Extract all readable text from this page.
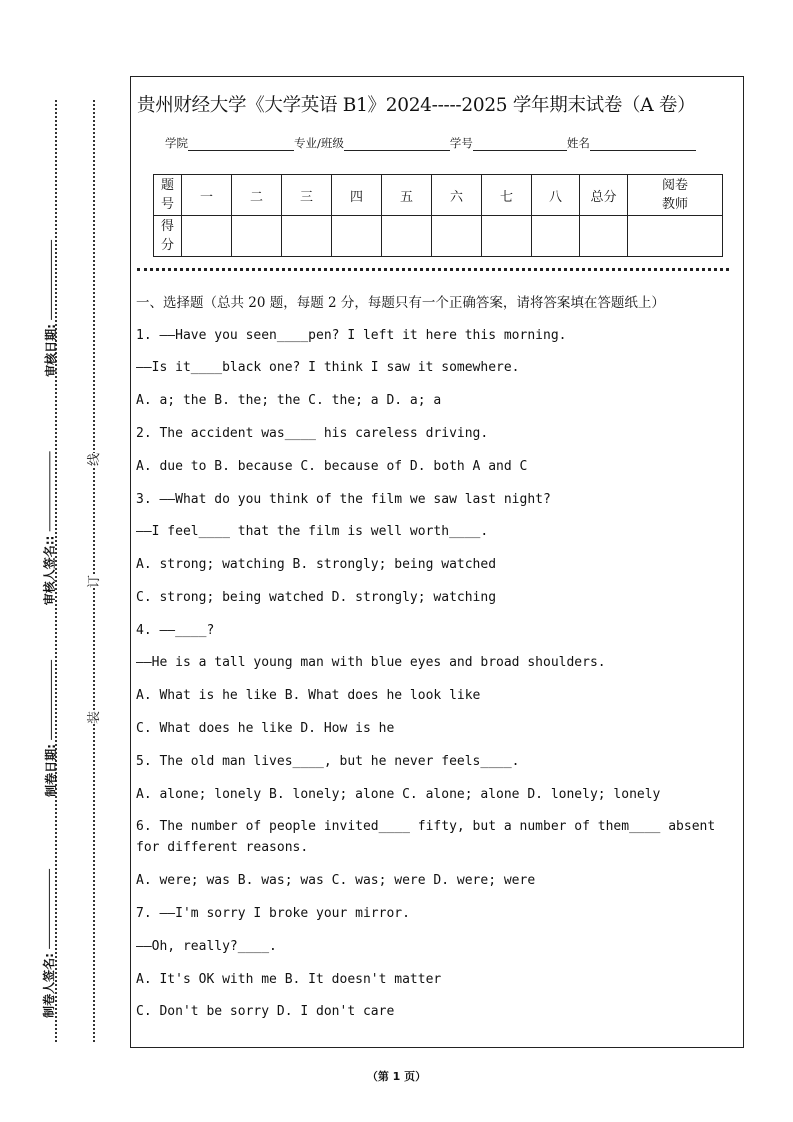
审核日期:
审核人签名::
制卷日期:
制卷人签名:
线
订
装
贵州财经大学《大学英语 B1》2024-----2025 学年期末试卷（A 卷）
学院	专业/班级	学号	姓名
题号	一	二	三	四	五	六	七	八	总分	阅卷教师
得分										
一、选择题（总共 20 题，每题 2 分，每题只有一个正确答案，请将答案填在答题纸上）
1. ——Have you seen____pen? I left it here this morning.
——Is it____black one? I think I saw it somewhere.
A. a; the B. the; the C. the; a D. a; a
2. The accident was____ his careless driving.
A. due to B. because C. because of D. both A and C
3. ——What do you think of the film we saw last night?
——I feel____ that the film is well worth____.
A. strong; watching B. strongly; being watched
C. strong; being watched D. strongly; watching
4. ——____?
——He is a tall young man with blue eyes and broad shoulders.
A. What is he like B. What does he look like
C. What does he like D. How is he
5. The old man lives____, but he never feels____.
A. alone; lonely B. lonely; alone C. alone; alone D. lonely; lonely
6. The number of people invited____ fifty, but a number of them____ absent for different reasons.
A. were; was B. was; was C. was; were D. were; were
7. ——I'm sorry I broke your mirror.
——Oh, really?____.
A. It's OK with me B. It doesn't matter
C. Don't be sorry D. I don't care
（第 1 页）
